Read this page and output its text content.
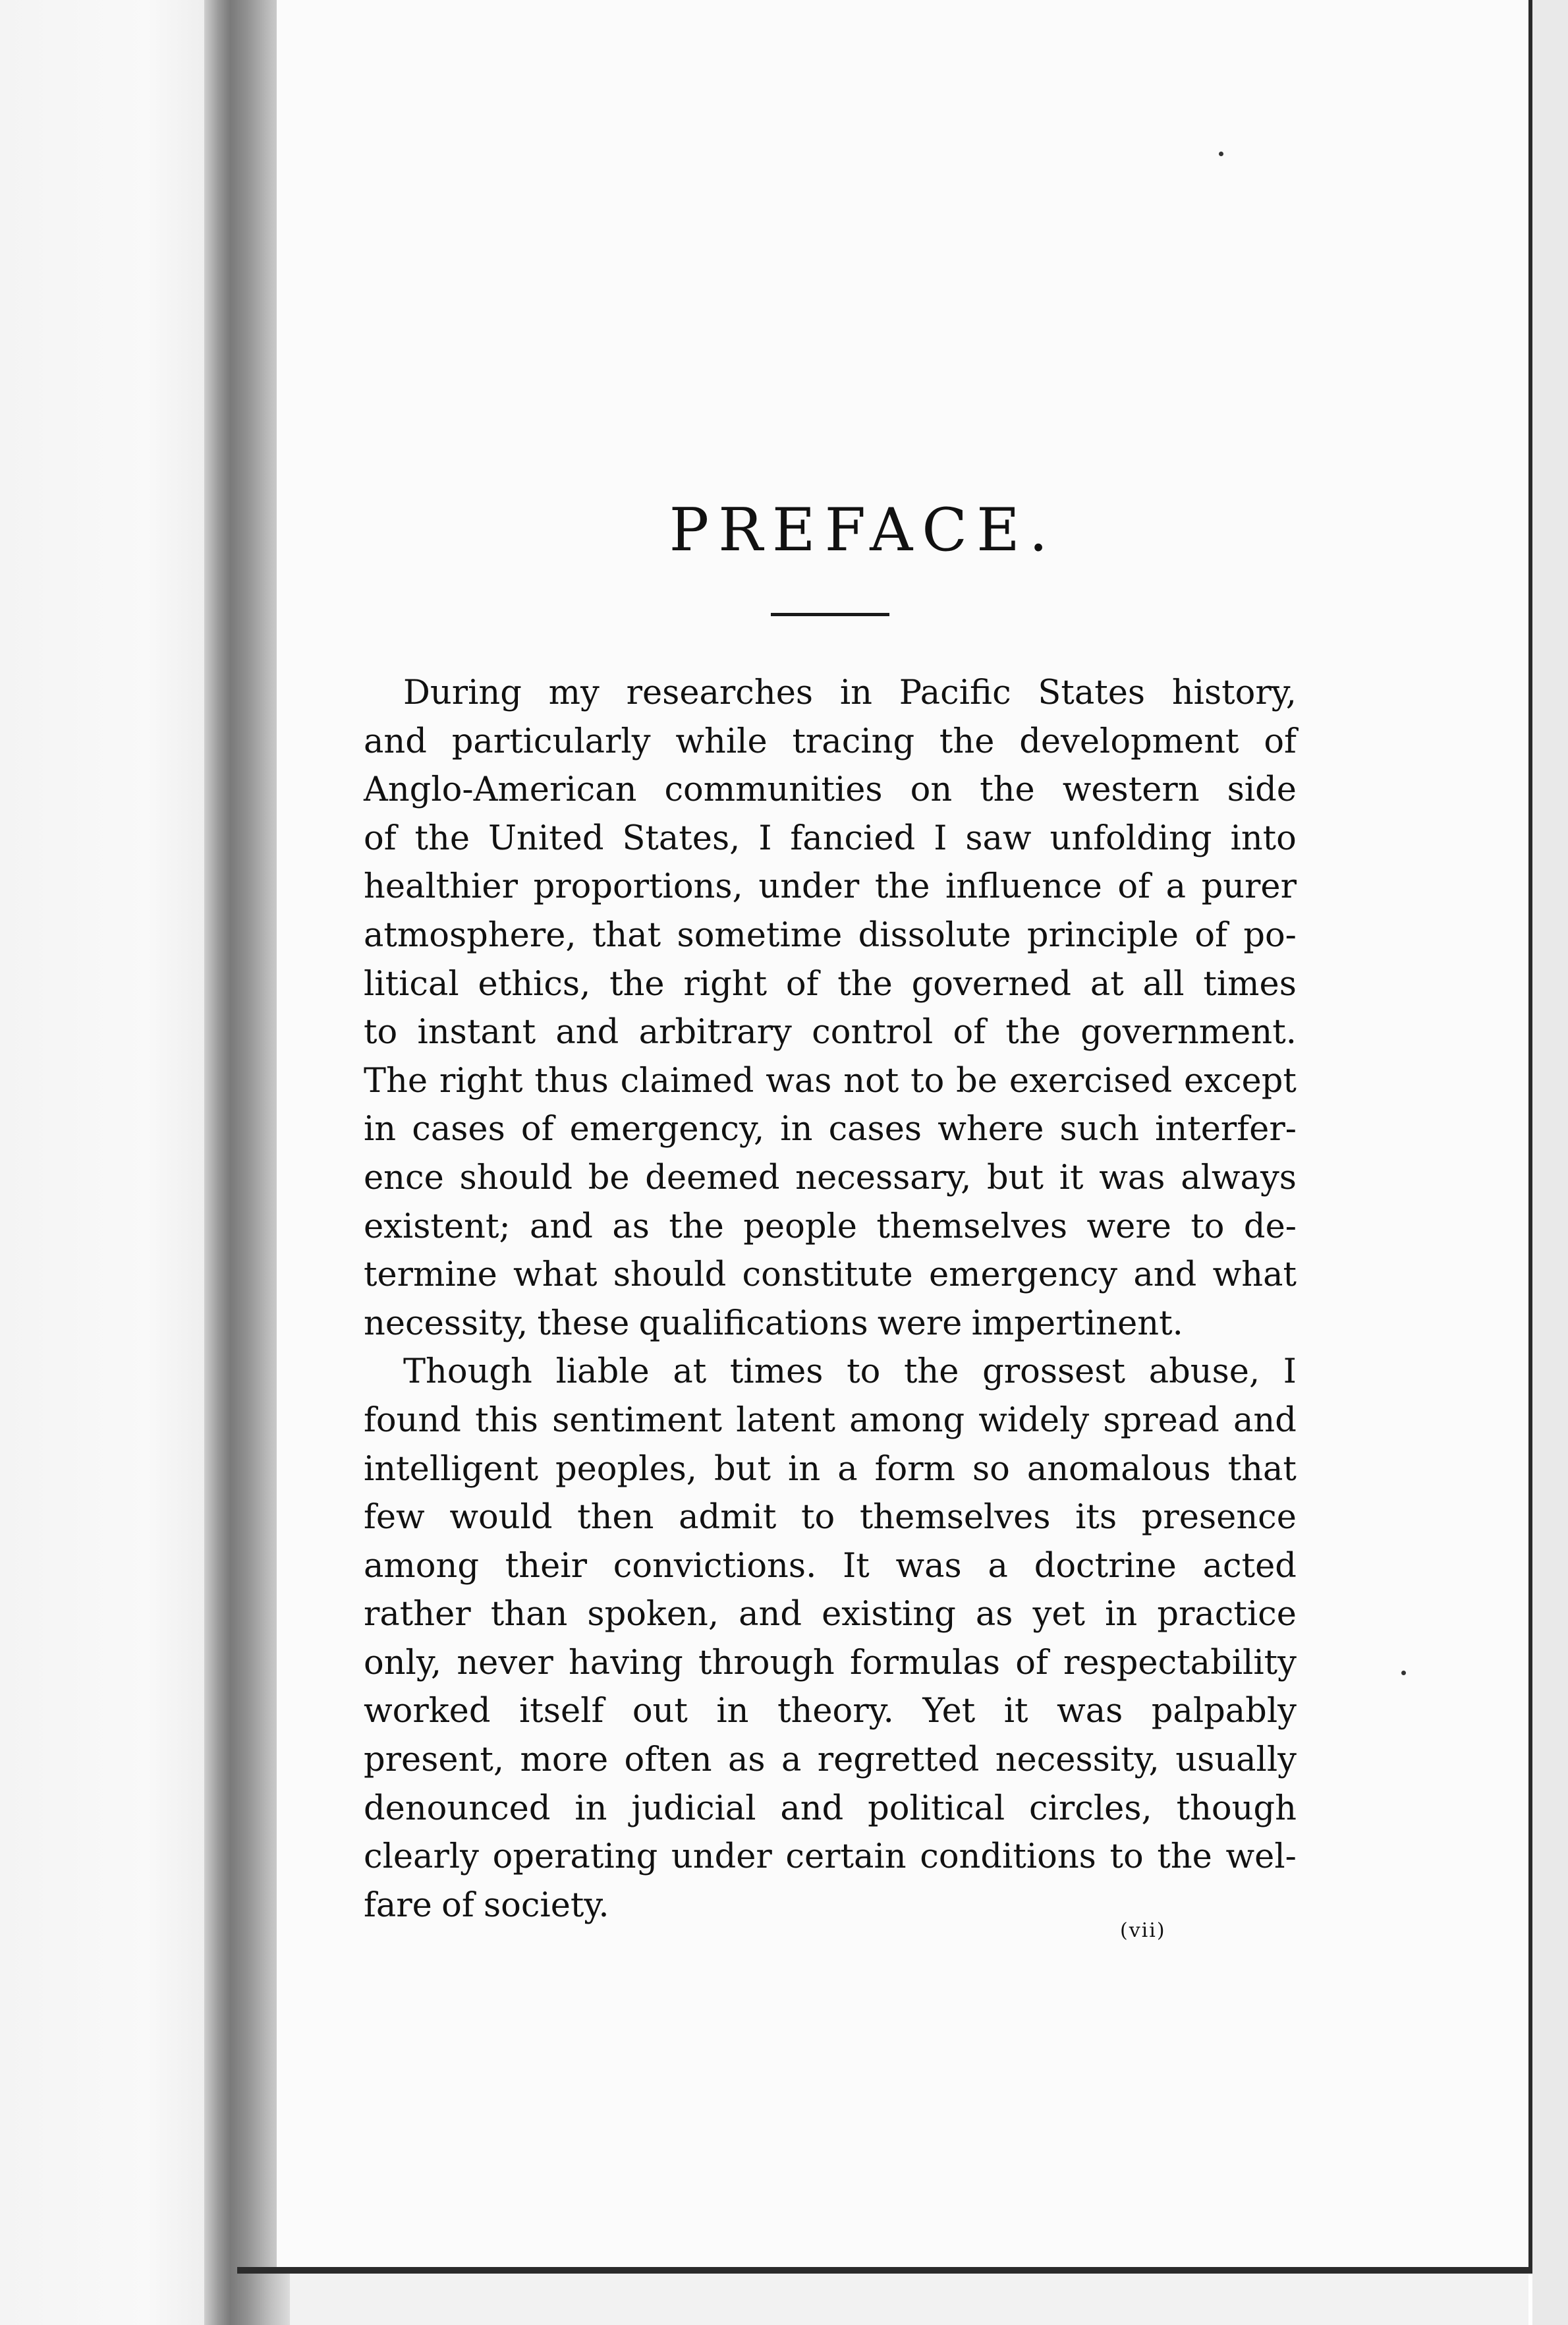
PREFACE.
During my researches in Pacific States history,
and particularly while tracing the development of
Anglo-American communities on the western side
of the United States, I fancied I saw unfolding into
healthier proportions, under the influence of a purer
atmosphere, that sometime dissolute principle of po-
litical ethics, the right of the governed at all times
to instant and arbitrary control of the government.
The right thus claimed was not to be exercised except
in cases of emergency, in cases where such interfer-
ence should be deemed necessary, but it was always
existent; and as the people themselves were to de-
termine what should constitute emergency and what
necessity, these qualifications were impertinent.
Though liable at times to the grossest abuse, I
found this sentiment latent among widely spread and
intelligent peoples, but in a form so anomalous that
few would then admit to themselves its presence
among their convictions. It was a doctrine acted
rather than spoken, and existing as yet in practice
only, never having through formulas of respectability
worked itself out in theory. Yet it was palpably
present, more often as a regretted necessity, usually
denounced in judicial and political circles, though
clearly operating under certain conditions to the wel-
fare of society.
(vii)
